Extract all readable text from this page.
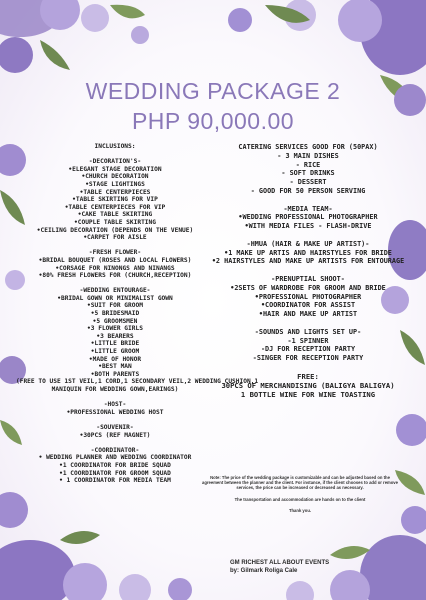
WEDDING PACKAGE 2
PHP 90,000.00
INCLUSIONS:
-DECORATION'S-
•ELEGANT STAGE DECORATION
•CHURCH DECORATION
•STAGE LIGHTINGS
•TABLE CENTERPIECES
•TABLE SKIRTING FOR VIP
•TABLE CENTERPIECES FOR VIP
•CAKE TABLE SKIRTING
•COUPLE TABLE SKIRTING
•CEILING DECORATION (DEPENDS ON THE VENUE)
•CARPET FOR AISLE
-FRESH FLOWER-
•BRIDAL BOUQUET (ROSES AND LOCAL FLOWERS)
•CORSAGE FOR NINONGS AND NINANGS
•80% FRESH FLOWERS FOR (CHURCH,RECEPTION)
-WEDDING ENTOURAGE-
•BRIDAL GOWN OR MINIMALIST GOWN
•SUIT FOR GROOM
•5 BRIDESMAID
•5 GROOMSMEN
•3 FLOWER GIRLS
•3 BEARERS
•LITTLE BRIDE
•LITTLE GROOM
•MADE OF HONOR
•BEST MAN
•BOTH PARENTS
(FREE TO USE 1ST VEIL,1 CORD,1 SECONDARY VEIL,2 WEDDING CUSHION,1
MANIQUIN FOR WEDDING GOWN,EARINGS)
-HOST-
•PROFESSIONAL WEDDING HOST
-SOUVENIR-
•30PCS (REF MAGNET)
-COORDINATOR-
• WEDDING PLANNER AND WEDDING COORDINATOR
•1 COORDINATOR FOR BRIDE SQUAD
•1 COORDINATOR FOR GROOM SQUAD
• 1 COORDINATOR FOR MEDIA TEAM
CATERING SERVICES GOOD FOR (50PAX)
- 3 MAIN DISHES
- RICE
- SOFT DRINKS
- DESSERT
- GOOD FOR 50 PERSON SERVING
-MEDIA TEAM-
•WEDDING PROFESSIONAL PHOTOGRAPHER
•WITH MEDIA FILES - FLASH-DRIVE
-HMUA (HAIR & MAKE UP ARTIST)-
•1 MAKE UP ARTIS AND HAIRSTYLES FOR BRIDE
•2 HAIRSTYLES AND MAKE UP ARTISTS FOR ENTOURAGE
-PRENUPTIAL SHOOT-
•2SETS OF WARDROBE FOR GROOM AND BRIDE
•PROFESSIONAL PHOTOGRAPHER
•COORDINATOR FOR ASSIST
•HAIR AND MAKE UP ARTIST
-SOUNDS AND LIGHTS SET UP-
-1 SPINNER
-DJ FOR RECEPTION PARTY
-SINGER FOR RECEPTION PARTY
FREE:
30PCS OF MERCHANDISING (BALIGYA BALIGYA)
1 BOTTLE WINE FOR WINE TOASTING

Note: The price of the wedding package is customizable and can be adjusted based on the agreement between the planner and the client. For instance, if the client chooses to add or remove services, the price can be increased or decreased as necessary.

The transportation and accommodation are hands on to the client

Thank you.

GM RICHEST ALL ABOUT EVENTS
by: Gilmark Roliga Cale
